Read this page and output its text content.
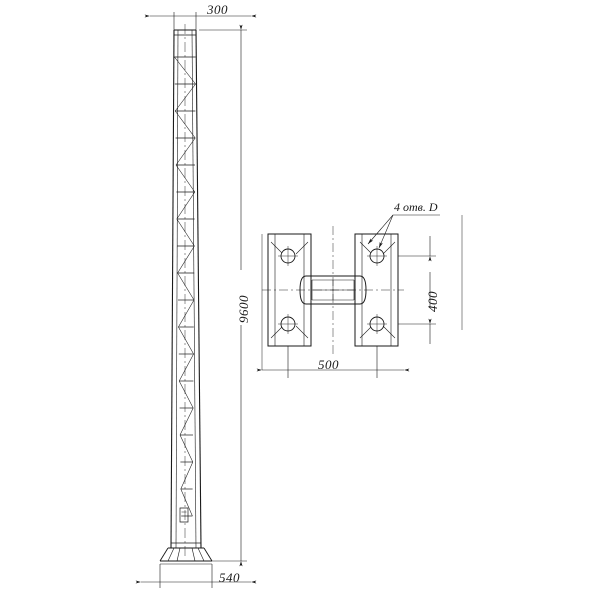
300
9600
540
500
400
4 отв. D
